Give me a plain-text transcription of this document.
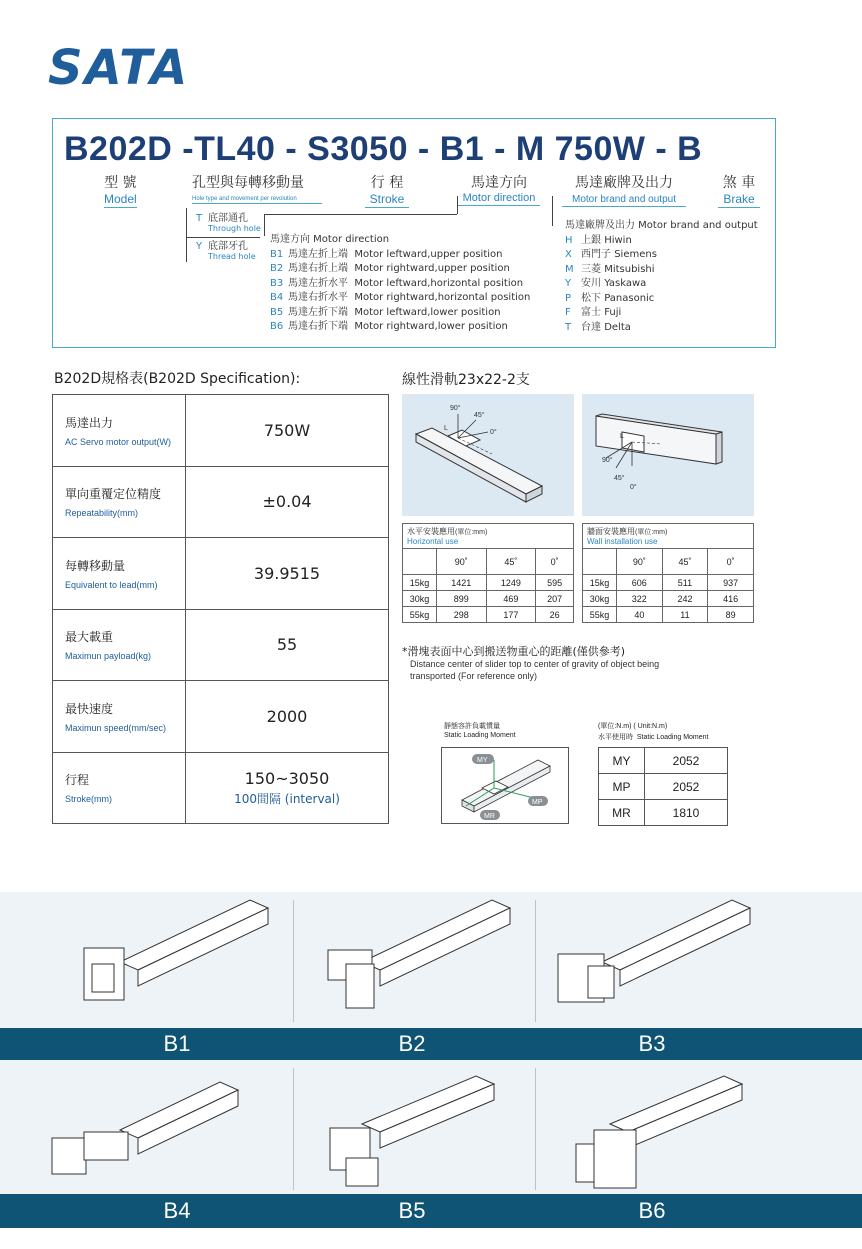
SATA
B202D -TL40 - S3050 - B1 - M 750W - B
型 號
Model
孔型與每轉移動量
Hole type and movement per revolution
行 程
Stroke
馬達方向
Motor direction
馬達廠牌及出力
Motor brand and output
煞 車
Brake
T 底部通孔
Through hole
Y 底部牙孔
Thread hole
馬達方向 Motor direction
B1 馬達左折上端 Motor leftward,upper position
B2 馬達右折上端 Motor rightward,upper position
B3 馬達左折水平 Motor leftward,horizontal position
B4 馬達右折水平 Motor rightward,horizontal position
B5 馬達左折下端 Motor leftward,lower position
B6 馬達右折下端 Motor rightward,lower position
馬達廠牌及出力 Motor brand and output
H 上銀 Hiwin
X 西門子 Siemens
M 三菱 Mitsubishi
Y 安川 Yaskawa
P 松下 Panasonic
F 富士 Fuji
T 台達 Delta
B202D規格表(B202D Specification):
馬達出力
AC Servo motor output(W)	750W

單向重覆定位精度
Repeatability(mm)	±0.04

每轉移動量
Equivalent to lead(mm)	39.9515

最大載重
Maximun payload(kg)	55

最快速度
Maximun speed(mm/sec)	2000

行程
Stroke(mm)	150~3050
100間隔 (interval)
線性滑軌23x22-2支
90°
45°
0°
L
90°
45°
0°
L
水平安裝應用(單位:mm)
Horizontal use			

	90˚	45˚	0˚
15kg	1421	1249	595
30kg	899	469	207
55kg	298	177	26
牆面安裝應用(單位:mm)
Wall installation use			

	90˚	45˚	0˚
15kg	606	511	937
30kg	322	242	416
55kg	40	11	89
*滑塊表面中心到搬送物重心的距離(僅供參考)
Distance center of slider top to center of gravity of object being
transported (For reference only)
靜態容許負載慣量
Static Loading Moment
MY
MP
MR
(單位:N.m) ( Unit:N.m)
水平使用時 Static Loading Moment
MY	2052
MP	2052
MR	1810
B1	B2	B3
B4	B5	B6
